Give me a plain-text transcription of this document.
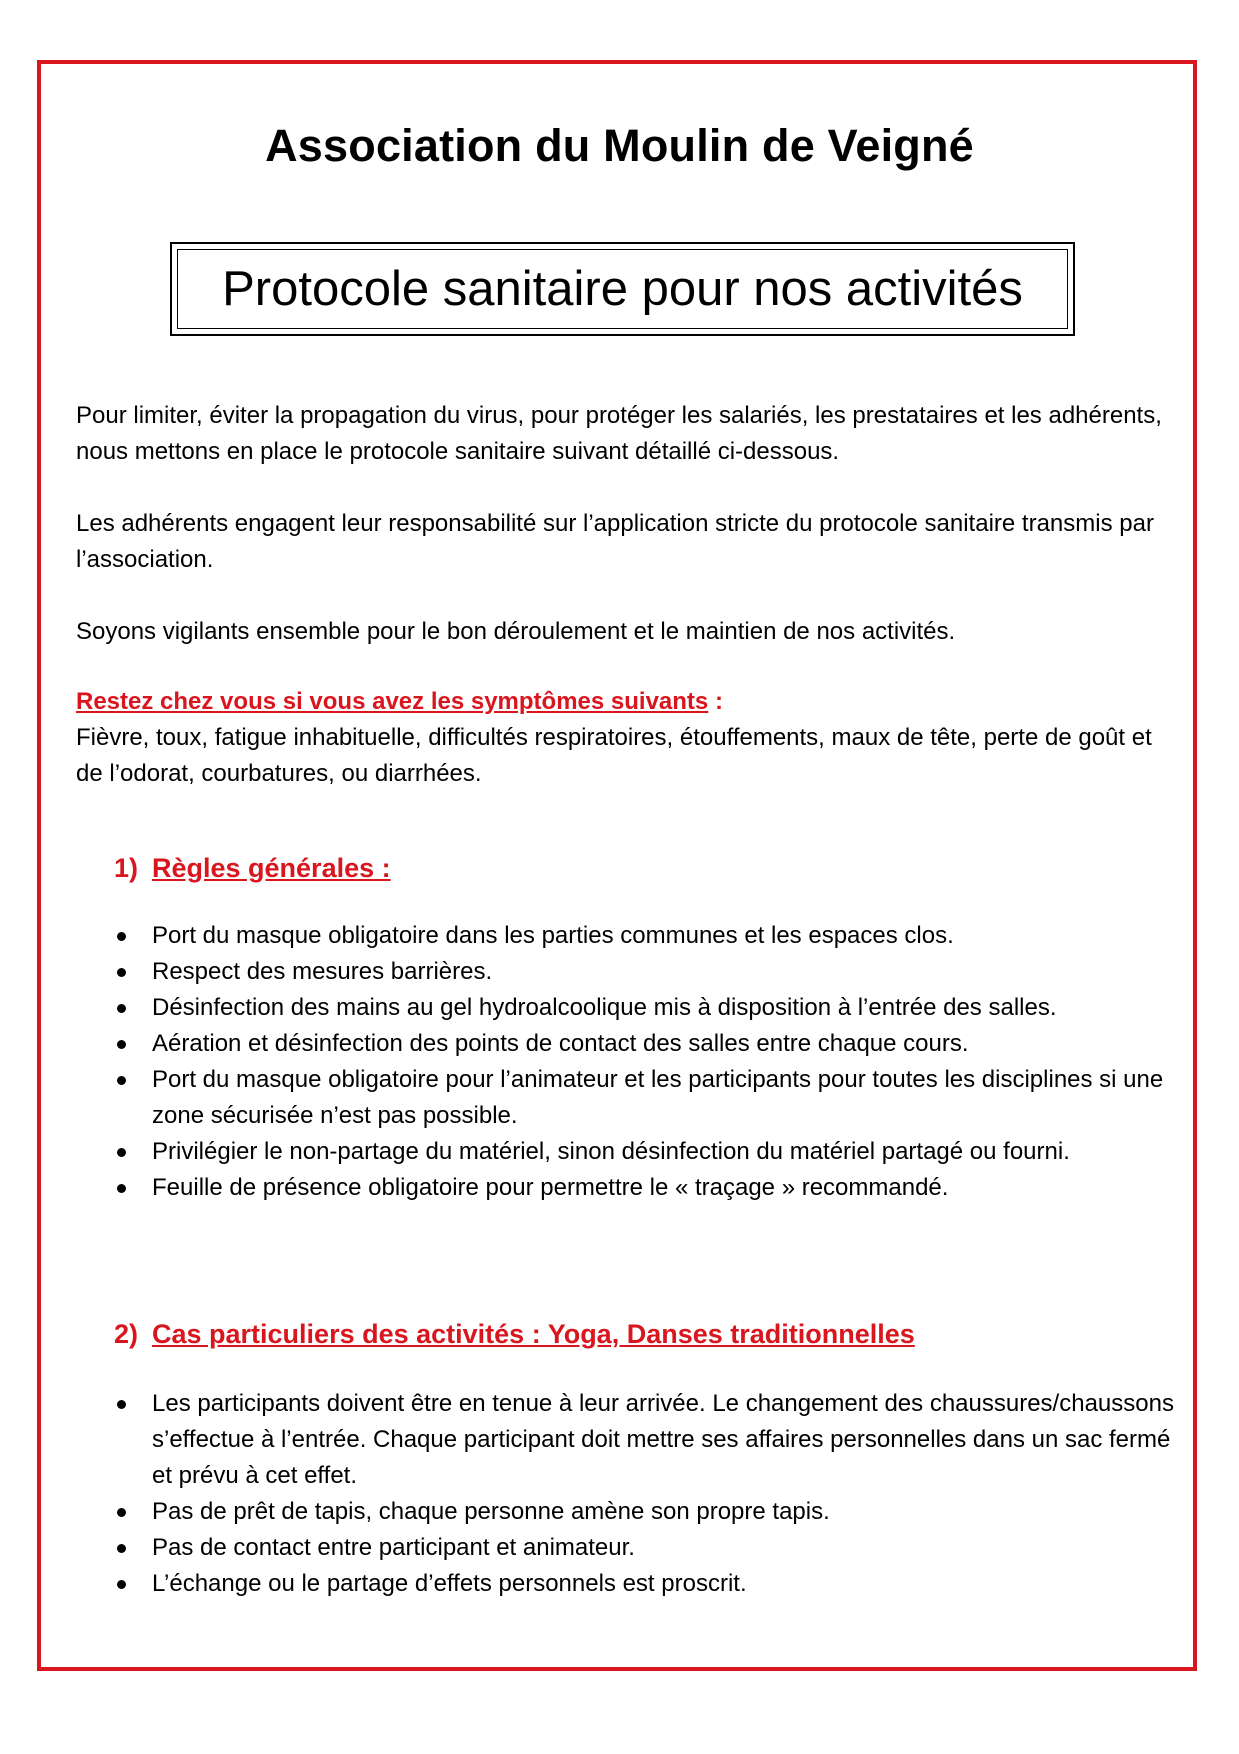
Association du Moulin de Veigné
Protocole sanitaire pour nos activités
Pour limiter, éviter la propagation du virus, pour protéger les salariés, les prestataires et les adhérents, nous mettons en place le protocole sanitaire suivant détaillé ci-dessous.
Les adhérents engagent leur responsabilité sur l’application stricte du protocole sanitaire transmis par l’association.
Soyons vigilants ensemble pour le bon déroulement et le maintien de nos activités.
Restez chez vous si vous avez les symptômes suivants :
Fièvre, toux, fatigue inhabituelle, difficultés respiratoires, étouffements, maux de tête, perte de goût et de l’odorat, courbatures, ou diarrhées.
1) Règles générales :
Port du masque obligatoire dans les parties communes et les espaces clos.
Respect des mesures barrières.
Désinfection des mains au gel hydroalcoolique mis à disposition à l’entrée des salles.
Aération et désinfection des points de contact des salles entre chaque cours.
Port du masque obligatoire pour l’animateur et les participants pour toutes les disciplines si une zone sécurisée n’est pas possible.
Privilégier le non-partage du matériel, sinon désinfection du matériel partagé ou fourni.
Feuille de présence obligatoire pour permettre le « traçage » recommandé.
2) Cas particuliers des activités : Yoga, Danses traditionnelles
Les participants doivent être en tenue à leur arrivée. Le changement des chaussures/chaussons s’effectue à l’entrée. Chaque participant doit mettre ses affaires personnelles dans un sac fermé et prévu à cet effet.
Pas de prêt de tapis, chaque personne amène son propre tapis.
Pas de contact entre participant et animateur.
L’échange ou le partage d’effets personnels est proscrit.
